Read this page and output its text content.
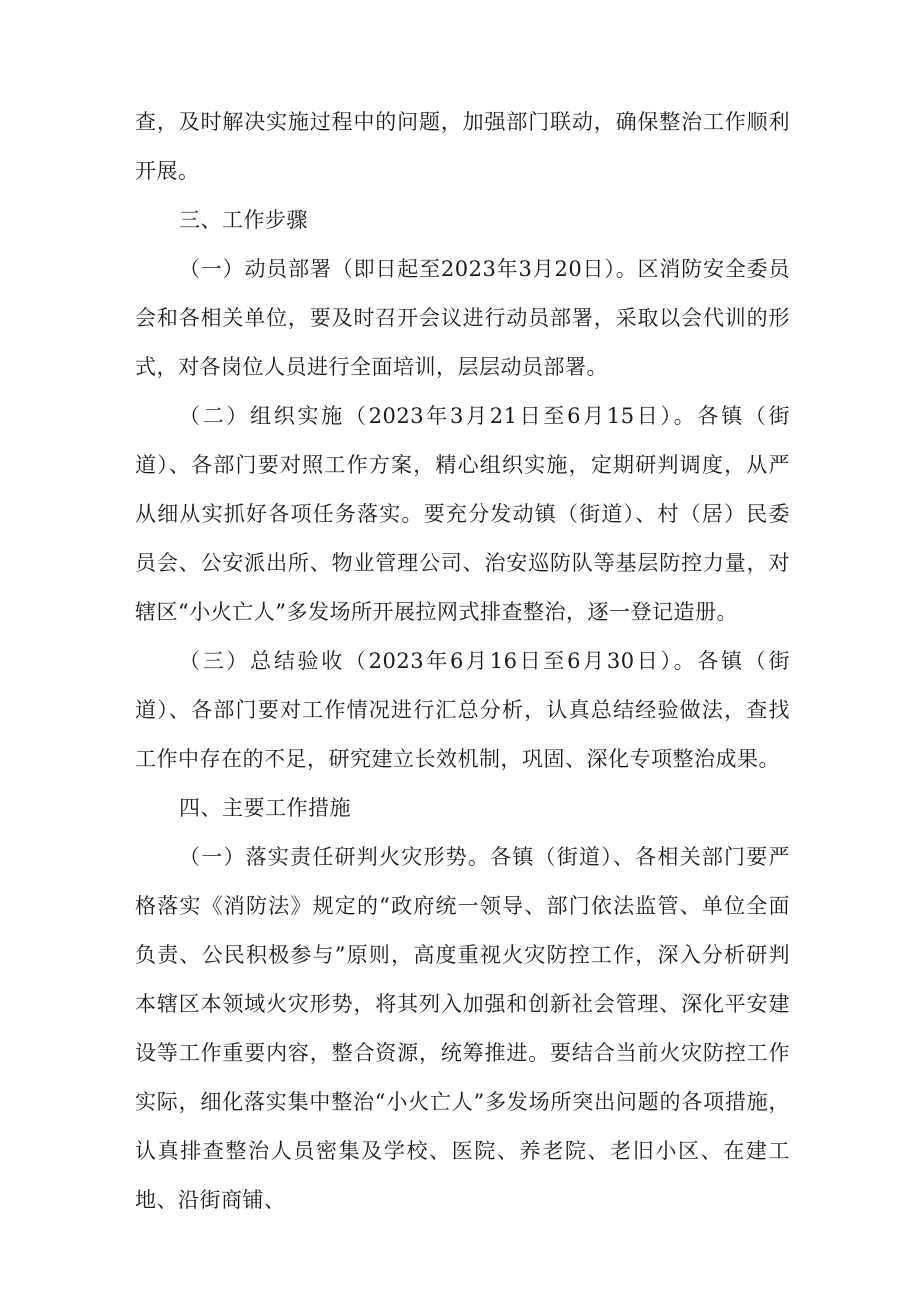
查，及时解决实施过程中的问题，加强部门联动，确保整治工作顺利开展。

三、工作步骤

（一）动员部署（即日起至2023年3月20日）。区消防安全委员会和各相关单位，要及时召开会议进行动员部署，采取以会代训的形式，对各岗位人员进行全面培训，层层动员部署。

（二）组织实施（2023年3月21日至6月15日）。各镇（街道）、各部门要对照工作方案，精心组织实施，定期研判调度，从严从细从实抓好各项任务落实。要充分发动镇（街道）、村（居）民委员会、公安派出所、物业管理公司、治安巡防队等基层防控力量，对辖区“小火亡人”多发场所开展拉网式排查整治，逐一登记造册。

（三）总结验收（2023年6月16日至6月30日）。各镇（街道）、各部门要对工作情况进行汇总分析，认真总结经验做法，查找工作中存在的不足，研究建立长效机制，巩固、深化专项整治成果。

四、主要工作措施

（一）落实责任研判火灾形势。各镇（街道）、各相关部门要严格落实《消防法》规定的“政府统一领导、部门依法监管、单位全面负责、公民积极参与”原则，高度重视火灾防控工作，深入分析研判本辖区本领域火灾形势，将其列入加强和创新社会管理、深化平安建设等工作重要内容，整合资源，统筹推进。要结合当前火灾防控工作实际，细化落实集中整治“小火亡人”多发场所突出问题的各项措施，认真排查整治人员密集及学校、医院、养老院、老旧小区、在建工地、沿街商铺、
